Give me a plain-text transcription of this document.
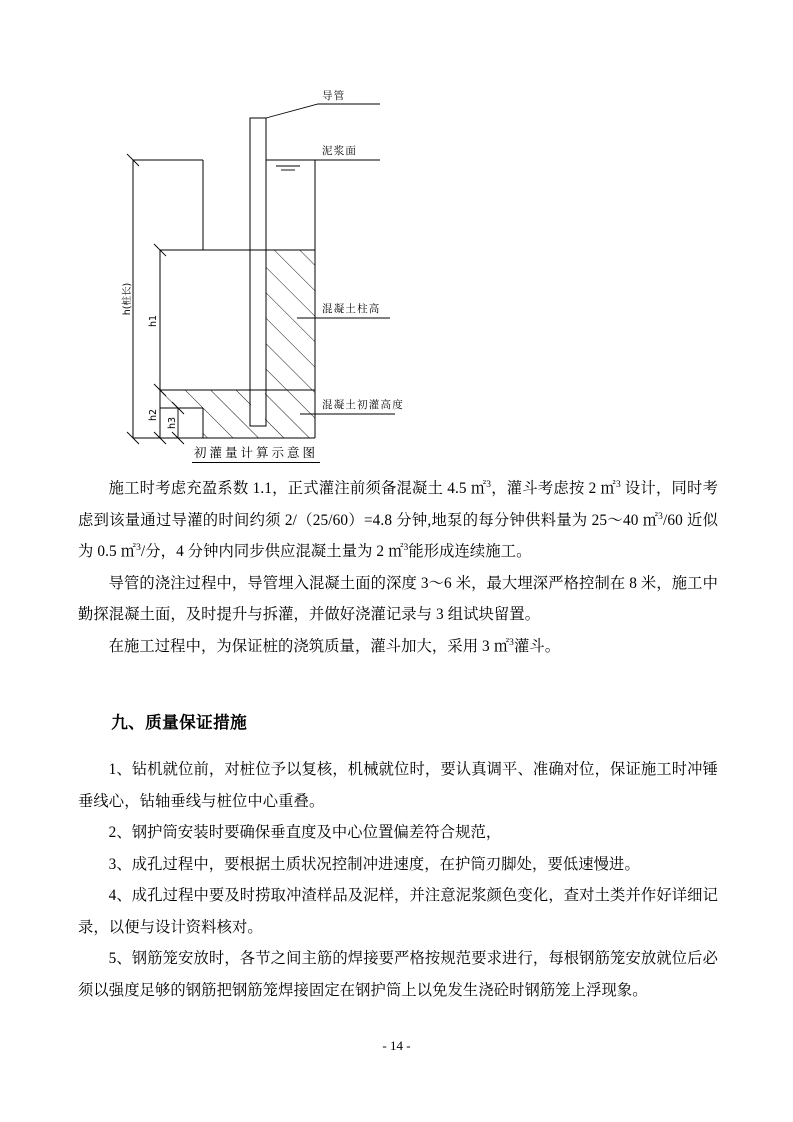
导管
泥浆面
混凝土柱高
混凝土初灌高度
h(桩长)
h1
h2
h3
初灌量计算示意图

施工时考虑充盈系数 1.1，正式灌注前须备混凝土 4.5 ㎡$^3$，灌斗考虑按 2 ㎡$^3$ 设计，同时考虑到该量通过导灌的时间约须 2/（25/60）=4.8 分钟,地泵的每分钟供料量为 25～40 ㎡$^3$/60 近似为 0.5 ㎡$^3$/分，4 分钟内同步供应混凝土量为 2 ㎡$^3$能形成连续施工。

导管的浇注过程中，导管埋入混凝土面的深度 3～6 米，最大埋深严格控制在 8 米，施工中勤探混凝土面，及时提升与拆灌，并做好浇灌记录与 3 组试块留置。

在施工过程中，为保证桩的浇筑质量，灌斗加大，采用 3 ㎡$^3$灌斗。

九、质量保证措施

1、钻机就位前，对桩位予以复核，机械就位时，要认真调平、准确对位，保证施工时冲锤垂线心，钻轴垂线与桩位中心重叠。

2、钢护筒安装时要确保垂直度及中心位置偏差符合规范，

3、成孔过程中，要根据土质状况控制冲进速度，在护筒刃脚处，要低速慢进。

4、成孔过程中要及时捞取冲渣样品及泥样，并注意泥浆颜色变化，查对土类并作好详细记录，以便与设计资料核对。

5、钢筋笼安放时，各节之间主筋的焊接要严格按规范要求进行，每根钢筋笼安放就位后必须以强度足够的钢筋把钢筋笼焊接固定在钢护筒上以免发生浇砼时钢筋笼上浮现象。

- 14 -
